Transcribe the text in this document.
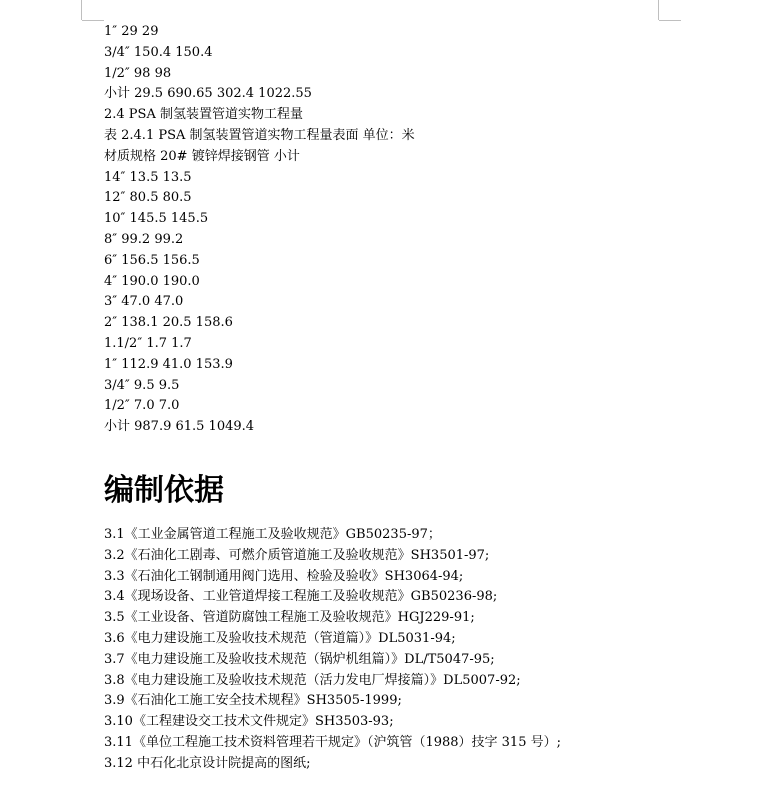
1″ 29 29
3/4″ 150.4 150.4
1/2″ 98 98
小计 29.5 690.65 302.4 1022.55
2.4 PSA 制氢装置管道实物工程量
表 2.4.1 PSA 制氢装置管道实物工程量表面 单位：米
材质规格 20# 镀锌焊接钢管 小计
14″ 13.5 13.5
12″ 80.5 80.5
10″ 145.5 145.5
8″ 99.2 99.2
6″ 156.5 156.5
4″ 190.0 190.0
3″ 47.0 47.0
2″ 138.1 20.5 158.6
1.1/2″ 1.7 1.7
1″ 112.9 41.0 153.9
3/4″ 9.5 9.5
1/2″ 7.0 7.0
小计 987.9 61.5 1049.4
编制依据
3.1《工业金属管道工程施工及验收规范》GB50235-97；
3.2《石油化工剧毒、可燃介质管道施工及验收规范》SH3501-97;
3.3《石油化工钢制通用阀门选用、检验及验收》SH3064-94;
3.4《现场设备、工业管道焊接工程施工及验收规范》GB50236-98;
3.5《工业设备、管道防腐蚀工程施工及验收规范》HGJ229-91;
3.6《电力建设施工及验收技术规范（管道篇）》DL5031-94;
3.7《电力建设施工及验收技术规范（锅炉机组篇）》DL/T5047-95;
3.8《电力建设施工及验收技术规范（活力发电厂焊接篇）》DL5007-92;
3.9《石油化工施工安全技术规程》SH3505-1999;
3.10《工程建设交工技术文件规定》SH3503-93;
3.11《单位工程施工技术资料管理若干规定》（沪筑管（1988）技字 315 号）;
3.12 中石化北京设计院提高的图纸;
